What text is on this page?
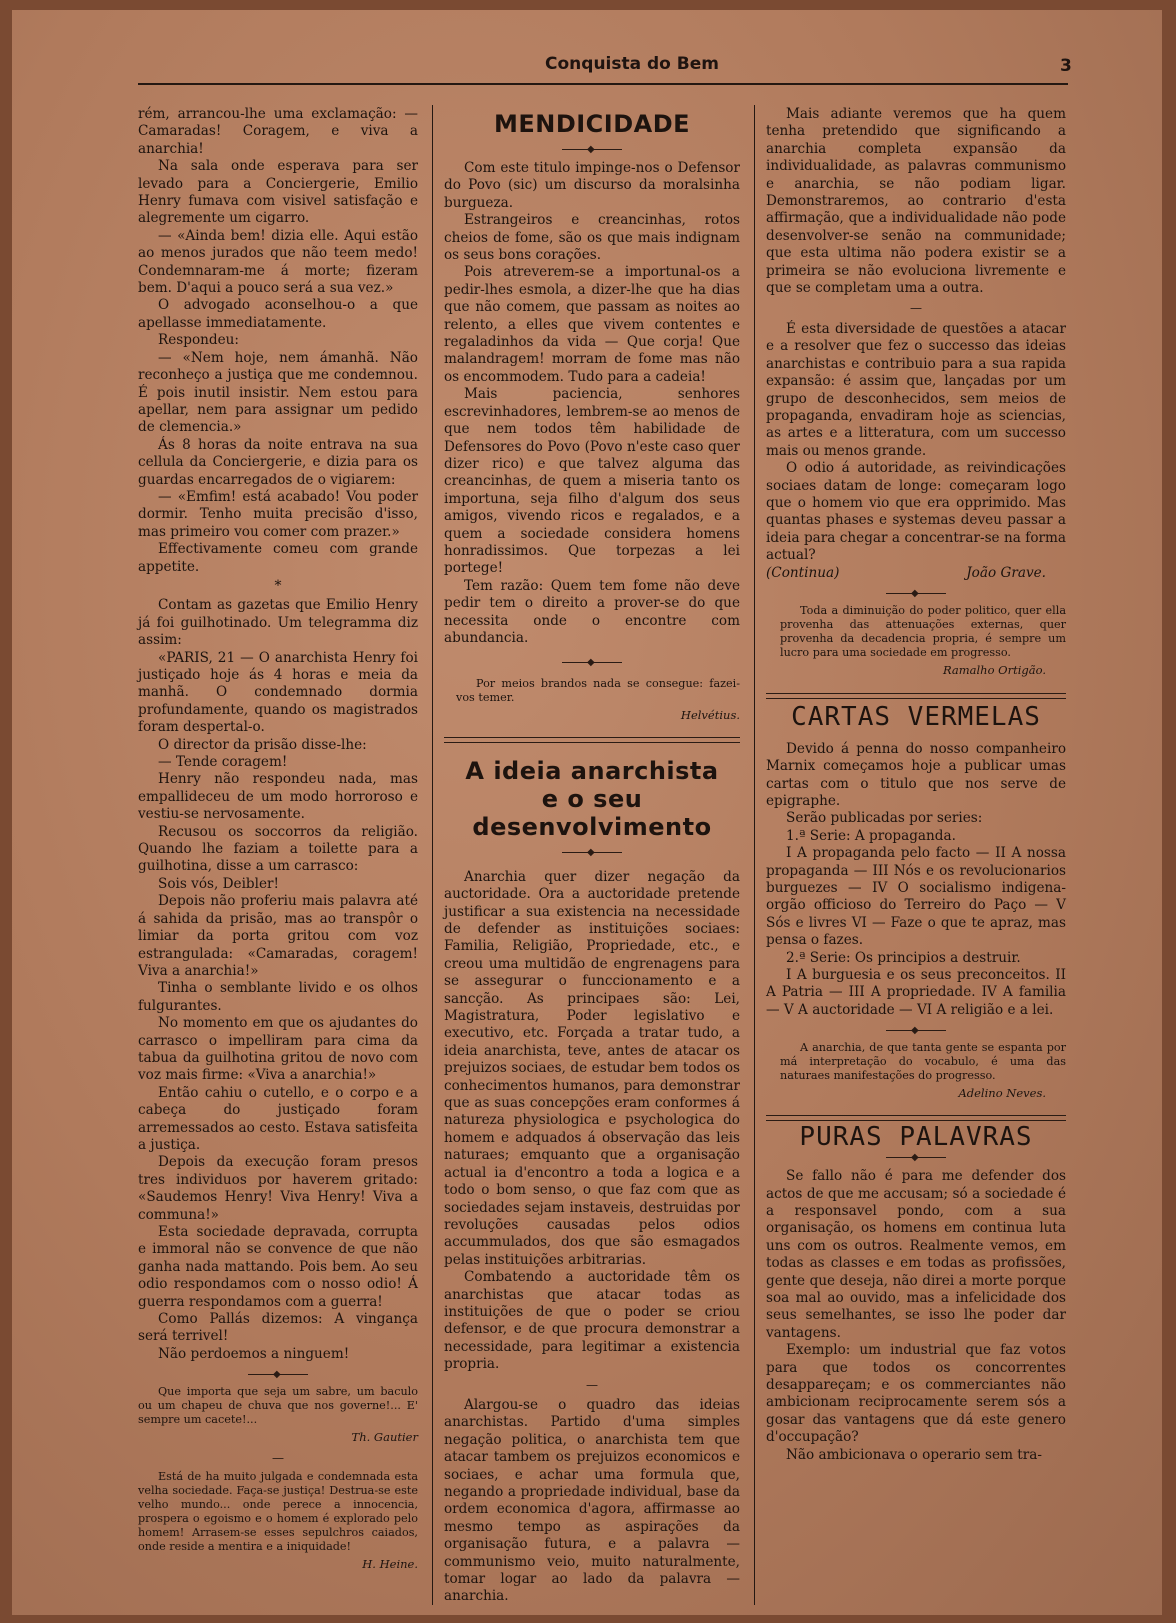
Conquista do Bem	3

rém, arrancou-lhe uma exclamação: — Camaradas! Coragem, e viva a anarchia!

Na sala onde esperava para ser levado para a Conciergerie, Emilio Henry fumava com visivel satisfação e alegremente um cigarro.

— «Ainda bem! dizia elle. Aqui estão ao menos jurados que não teem medo! Condemnaram-me á morte; fizeram bem. D'aqui a pouco será a sua vez.»

O advogado aconselhou-o a que apellasse immediatamente.

Respondeu:

— «Nem hoje, nem ámanhã. Não reconheço a justiça que me condemnou. É pois inutil insistir. Nem estou para apellar, nem para assignar um pedido de clemencia.»

Ás 8 horas da noite entrava na sua cellula da Conciergerie, e dizia para os guardas encarregados de o vigiarem:

— «Emfim! está acabado! Vou poder dormir. Tenho muita precisão d'isso, mas primeiro vou comer com prazer.»

Effectivamente comeu com grande appetite.

*

Contam as gazetas que Emilio Henry já foi guilhotinado. Um telegramma diz assim:

«PARIS, 21 — O anarchista Henry foi justiçado hoje ás 4 horas e meia da manhã. O condemnado dormia profundamente, quando os magistrados foram despertal-o.

O director da prisão disse-lhe:

— Tende coragem!

Henry não respondeu nada, mas empallideceu de um modo horroroso e vestiu-se nervosamente.

Recusou os soccorros da religião. Quando lhe faziam a toilette para a guilhotina, disse a um carrasco:

Sois vós, Deibler!

Depois não proferiu mais palavra até á sahida da prisão, mas ao transpôr o limiar da porta gritou com voz estrangulada: «Camaradas, coragem! Viva a anarchia!»

Tinha o semblante livido e os olhos fulgurantes.

No momento em que os ajudantes do carrasco o impelliram para cima da tabua da guilhotina gritou de novo com voz mais firme: «Viva a anarchia!»

Então cahiu o cutello, e o corpo e a cabeça do justiçado foram arremessados ao cesto. Estava satisfeita a justiça.

Depois da execução foram presos tres individuos por haverem gritado: «Saudemos Henry! Viva Henry! Viva a communa!»

Esta sociedade depravada, corrupta e immoral não se convence de que não ganha nada mattando. Pois bem. Ao seu odio respondamos com o nosso odio! Á guerra respondamos com a guerra!

Como Pallás dizemos: A vingança será terrivel!

Não perdoemos a ninguem!

◆

Que importa que seja um sabre, um baculo ou um chapeu de chuva que nos governe!... E' sempre um cacete!...

Th. Gautier
—

Está de ha muito julgada e condemnada esta velha sociedade. Faça-se justiça! Destrua-se este velho mundo... onde perece a innocencia, prospera o egoismo e o homem é explorado pelo homem! Arrasem-se esses sepulchros caiados, onde reside a mentira e a iniquidade!

H. Heine.
MENDICIDADE
◆

Com este titulo impinge-nos o Defensor do Povo (sic) um discurso da moralsinha burgueza.

Estrangeiros e creancinhas, rotos cheios de fome, são os que mais indignam os seus bons corações.

Pois atreverem-se a importunal-os a pedir-lhes esmola, a dizer-lhe que ha dias que não comem, que passam as noites ao relento, a elles que vivem contentes e regaladinhos da vida — Que corja! Que malandragem! morram de fome mas não os encommodem. Tudo para a cadeia!

Mais paciencia, senhores escrevinhadores, lembrem-se ao menos de que nem todos têm habilidade de Defensores do Povo (Povo n'este caso quer dizer rico) e que talvez alguma das creancinhas, de quem a miseria tanto os importuna, seja filho d'algum dos seus amigos, vivendo ricos e regalados, e a quem a sociedade considera homens honradissimos. Que torpezas a lei portege!

Tem razão: Quem tem fome não deve pedir tem o direito a prover-se do que necessita onde o encontre com abundancia.

◆

Por meios brandos nada se consegue: fazei-vos temer.

Helvétius.
A ideia anarchista
e o seu desenvolvimento
◆

Anarchia quer dizer negação da auctoridade. Ora a auctoridade pretende justificar a sua existencia na necessidade de defender as instituições sociaes: Familia, Religião, Propriedade, etc., e creou uma multidão de engrenagens para se assegurar o funccionamento e a sancção. As principaes são: Lei, Magistratura, Poder legislativo e executivo, etc. Forçada a tratar tudo, a ideia anarchista, teve, antes de atacar os prejuizos sociaes, de estudar bem todos os conhecimentos humanos, para demonstrar que as suas concepções eram conformes á natureza physiologica e psychologica do homem e adquados á observação das leis naturaes; emquanto que a organisação actual ia d'encontro a toda a logica e a todo o bom senso, o que faz com que as sociedades sejam instaveis, destruidas por revoluções causadas pelos odios accummulados, dos que são esmagados pelas instituições arbitrarias.

Combatendo a auctoridade têm os anarchistas que atacar todas as instituições de que o poder se criou defensor, e de que procura demonstrar a necessidade, para legitimar a existencia propria.

—

Alargou-se o quadro das ideias anarchistas. Partido d'uma simples negação politica, o anarchista tem que atacar tambem os prejuizos economicos e sociaes, e achar uma formula que, negando a propriedade individual, base da ordem economica d'agora, affirmasse ao mesmo tempo as aspirações da organisação futura, e a palavra — communismo veio, muito naturalmente, tomar logar ao lado da palavra — anarchia.

Mais adiante veremos que ha quem tenha pretendido que significando a anarchia completa expansão da individualidade, as palavras communismo e anarchia, se não podiam ligar. Demonstraremos, ao contrario d'esta affirmação, que a individualidade não pode desenvolver-se senão na communidade; que esta ultima não podera existir se a primeira se não evoluciona livremente e que se completam uma a outra.

—

É esta diversidade de questões a atacar e a resolver que fez o successo das ideias anarchistas e contribuio para a sua rapida expansão: é assim que, lançadas por um grupo de desconhecidos, sem meios de propaganda, envadiram hoje as sciencias, as artes e a litteratura, com um successo mais ou menos grande.

O odio á autoridade, as reivindicações sociaes datam de longe: começaram logo que o homem vio que era opprimido. Mas quantas phases e systemas deveu passar a ideia para chegar a concentrar-se na forma actual?

(Continua)	João Grave.
◆

Toda a diminuição do poder politico, quer ella provenha das attenuações externas, quer provenha da decadencia propria, é sempre um lucro para uma sociedade em progresso.

Ramalho Ortigão.
CARTAS VERMELAS

Devido á penna do nosso companheiro Marnix começamos hoje a publicar umas cartas com o titulo que nos serve de epigraphe.

Serão publicadas por series:

1.ª Serie: A propaganda.

I A propaganda pelo facto — II A nossa propaganda — III Nós e os revolucionarios burguezes — IV O socialismo indigena-orgão officioso do Terreiro do Paço — V Sós e livres VI — Faze o que te apraz, mas pensa o fazes.

2.ª Serie: Os principios a destruir.

I A burguesia e os seus preconceitos. II A Patria — III A propriedade. IV A familia — V A auctoridade — VI A religião e a lei.

◆

A anarchia, de que tanta gente se espanta por má interpretação do vocabulo, é uma das naturaes manifestações do progresso.

Adelino Neves.
PURAS PALAVRAS
◆

Se fallo não é para me defender dos actos de que me accusam; só a sociedade é a responsavel pondo, com a sua organisação, os homens em continua luta uns com os outros. Realmente vemos, em todas as classes e em todas as profissões, gente que deseja, não direi a morte porque soa mal ao ouvido, mas a infelicidade dos seus semelhantes, se isso lhe poder dar vantagens.

Exemplo: um industrial que faz votos para que todos os concorrentes desappareçam; e os commerciantes não ambicionam reciprocamente serem sós a gosar das vantagens que dá este genero d'occupação?

Não ambicionava o operario sem tra-
